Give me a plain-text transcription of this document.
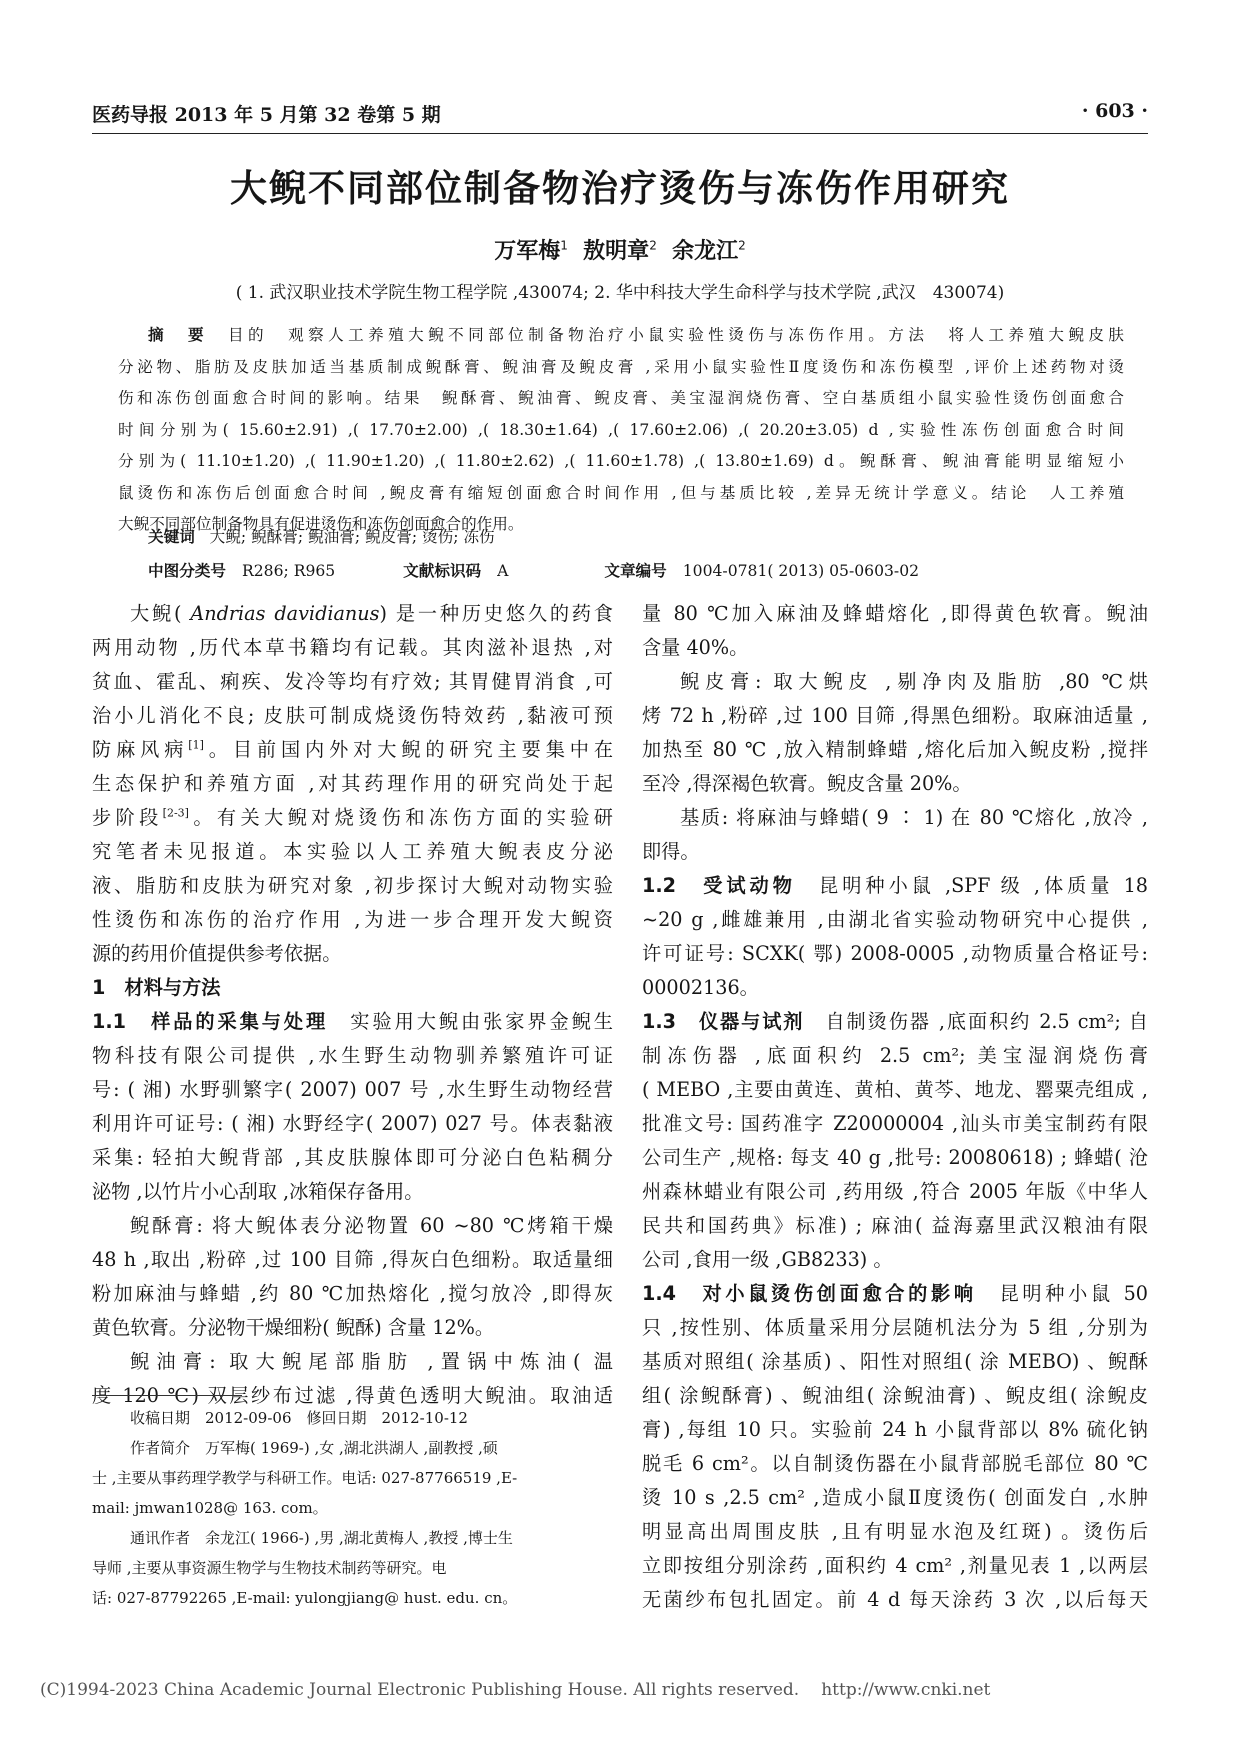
医药导报 2013 年 5 月第 32 卷第 5 期	· 603 ·
大鲵不同部位制备物治疗烫伤与冻伤作用研究
万军梅$^1$ 敖明章$^2$ 余龙江$^2$
( 1. 武汉职业技术学院生物工程学院 ,430074; 2. 华中科技大学生命科学与技术学院 ,武汉　430074)
摘　要　目的　观察人工养殖大鲵不同部位制备物治疗小鼠实验性烫伤与冻伤作用。方法　将人工养殖大鲵皮肤
分泌物、脂肪及皮肤加适当基质制成鲵酥膏、鲵油膏及鲵皮膏 ,采用小鼠实验性Ⅱ度烫伤和冻伤模型 ,评价上述药物对烫
伤和冻伤创面愈合时间的影响。结果　鲵酥膏、鲵油膏、鲵皮膏、美宝湿润烧伤膏、空白基质组小鼠实验性烫伤创面愈合
时间分别为( 15.60±2.91) ,( 17.70±2.00) ,( 18.30±1.64) ,( 17.60±2.06) ,( 20.20±3.05) d ,实验性冻伤创面愈合时间
分别为( 11.10±1.20) ,( 11.90±1.20) ,( 11.80±2.62) ,( 11.60±1.78) ,( 13.80±1.69) d。鲵酥膏、鲵油膏能明显缩短小
鼠烫伤和冻伤后创面愈合时间 ,鲵皮膏有缩短创面愈合时间作用 ,但与基质比较 ,差异无统计学意义。结论　人工养殖
大鲵不同部位制备物具有促进烫伤和冻伤创面愈合的作用。
关键词 大鲵; 鲵酥膏; 鲵油膏; 鲵皮膏; 烫伤; 冻伤
中图分类号 R286; R965	文献标识码 A	文章编号 1004-0781( 2013) 05-0603-02
大鲵( Andrias davidianus) 是一种历史悠久的药食
两用动物 ,历代本草书籍均有记载。其肉滋补退热 ,对
贫血、霍乱、痢疾、发冷等均有疗效; 其胃健胃消食 ,可
治小儿消化不良; 皮肤可制成烧烫伤特效药 ,黏液可预
防麻风病[1]。目前国内外对大鲵的研究主要集中在
生态保护和养殖方面 ,对其药理作用的研究尚处于起
步阶段[2-3]。有关大鲵对烧烫伤和冻伤方面的实验研
究笔者未见报道。本实验以人工养殖大鲵表皮分泌
液、脂肪和皮肤为研究对象 ,初步探讨大鲵对动物实验
性烫伤和冻伤的治疗作用 ,为进一步合理开发大鲵资
源的药用价值提供参考依据。
1　材料与方法
1.1　样品的采集与处理　实验用大鲵由张家界金鲵生
物科技有限公司提供 ,水生野生动物驯养繁殖许可证
号: ( 湘) 水野驯繁字( 2007) 007 号 ,水生野生动物经营
利用许可证号: ( 湘) 水野经字( 2007) 027 号。体表黏液
采集: 轻拍大鲵背部 ,其皮肤腺体即可分泌白色粘稠分
泌物 ,以竹片小心刮取 ,冰箱保存备用。
鲵酥膏: 将大鲵体表分泌物置 60 ~80 ℃烤箱干燥
48 h ,取出 ,粉碎 ,过 100 目筛 ,得灰白色细粉。取适量细
粉加麻油与蜂蜡 ,约 80 ℃加热熔化 ,搅匀放冷 ,即得灰
黄色软膏。分泌物干燥细粉( 鲵酥) 含量 12%。
鲵油膏: 取大鲵尾部脂肪 ,置锅中炼油( 温
度 120 ℃) 双层纱布过滤 ,得黄色透明大鲵油。取油适
收稿日期　2012-09-06　修回日期　2012-10-12
作者简介　万军梅( 1969-) ,女 ,湖北洪湖人 ,副教授 ,硕
士 ,主要从事药理学教学与科研工作。电话: 027-87766519 ,E-
mail: jmwan1028@ 163. com。
通讯作者　余龙江( 1966-) ,男 ,湖北黄梅人 ,教授 ,博士生
导师 ,主要从事资源生物学与生物技术制药等研究。电
话: 027-87792265 ,E-mail: yulongjiang@ hust. edu. cn。
量 80 ℃加入麻油及蜂蜡熔化 ,即得黄色软膏。鲵油
含量 40%。
鲵皮膏: 取大鲵皮 ,剔净肉及脂肪 ,80 ℃烘
烤 72 h ,粉碎 ,过 100 目筛 ,得黑色细粉。取麻油适量 ,
加热至 80 ℃ ,放入精制蜂蜡 ,熔化后加入鲵皮粉 ,搅拌
至冷 ,得深褐色软膏。鲵皮含量 20%。
基质: 将麻油与蜂蜡( 9 ∶ 1) 在 80 ℃熔化 ,放冷 ,
即得。
1.2　受试动物　昆明种小鼠 ,SPF 级 ,体质量 18
~20 g ,雌雄兼用 ,由湖北省实验动物研究中心提供 ,
许可证号: SCXK( 鄂) 2008-0005 ,动物质量合格证号:
00002136。
1.3　仪器与试剂　自制烫伤器 ,底面积约 2.5 cm²; 自
制冻伤器 ,底面积约 2.5 cm²; 美宝湿润烧伤膏
( MEBO ,主要由黄连、黄柏、黄芩、地龙、罂粟壳组成 ,
批准文号: 国药准字 Z20000004 ,汕头市美宝制药有限
公司生产 ,规格: 每支 40 g ,批号: 20080618) ; 蜂蜡( 沧
州森林蜡业有限公司 ,药用级 ,符合 2005 年版《中华人
民共和国药典》标准) ; 麻油( 益海嘉里武汉粮油有限
公司 ,食用一级 ,GB8233) 。
1.4　对小鼠烫伤创面愈合的影响　昆明种小鼠 50
只 ,按性别、体质量采用分层随机法分为 5 组 ,分别为
基质对照组( 涂基质) 、阳性对照组( 涂 MEBO) 、鲵酥
组( 涂鲵酥膏) 、鲵油组( 涂鲵油膏) 、鲵皮组( 涂鲵皮
膏) ,每组 10 只。实验前 24 h 小鼠背部以 8% 硫化钠
脱毛 6 cm²。以自制烫伤器在小鼠背部脱毛部位 80 ℃
烫 10 s ,2.5 cm² ,造成小鼠Ⅱ度烫伤( 创面发白 ,水肿
明显高出周围皮肤 ,且有明显水泡及红斑) 。烫伤后
立即按组分别涂药 ,面积约 4 cm² ,剂量见表 1 ,以两层
无菌纱布包扎固定。前 4 d 每天涂药 3 次 ,以后每天
(C)1994-2023 China Academic Journal Electronic Publishing House. All rights reserved. http://www.cnki.net
